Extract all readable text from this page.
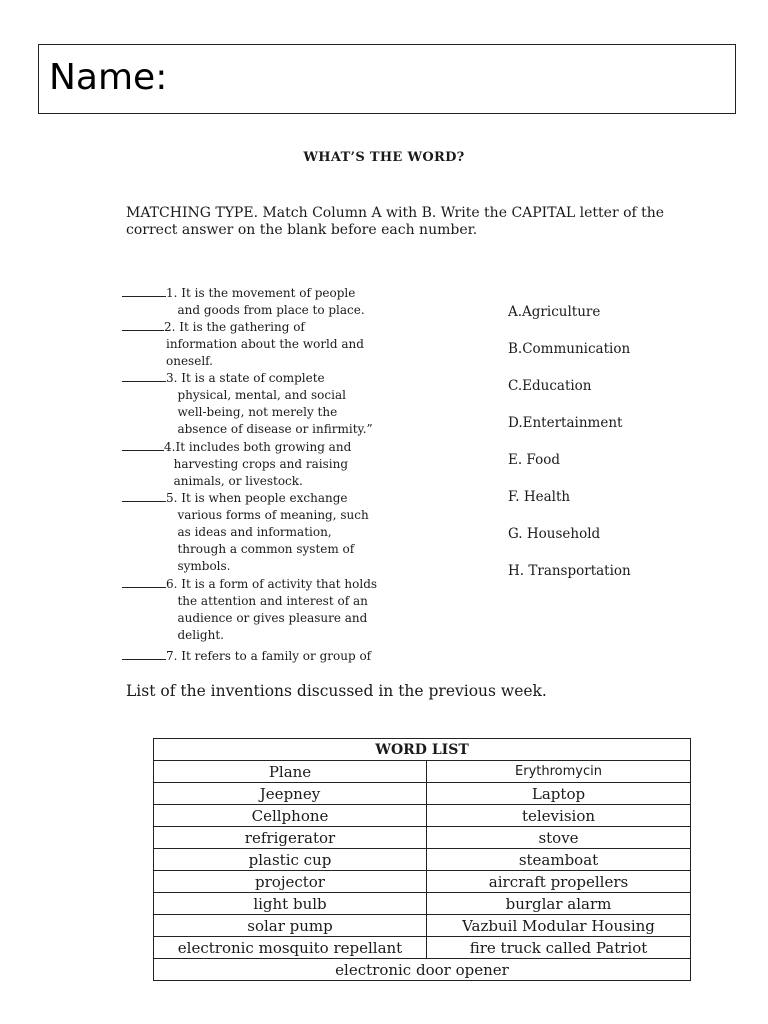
Name:
WHAT’S THE WORD?
MATCHING TYPE. Match Column A with B. Write the CAPITAL letter of the correct answer on the blank before each number.
1. It is the movement of people
and goods from place to place.
2. It is the gathering of
information about the world and
oneself.
3. It is a state of complete
physical, mental, and social
well-being, not merely the
absence of disease or infirmity.”
4.It includes both growing and
harvesting crops and raising
animals, or livestock.
5. It is when people exchange
various forms of meaning, such
as ideas and information,
through a common system of
symbols.
6. It is a form of activity that holds
the attention and interest of an
audience or gives pleasure and
delight.
7. It refers to a family or group of
A.Agriculture
B.Communication
C.Education
D.Entertainment
E. Food
F. Health
G. Household
H. Transportation
List of the inventions discussed in the previous week.
WORD LIST	
Plane	Erythromycin
Jeepney	Laptop
Cellphone	television
refrigerator	stove
plastic cup	steamboat
projector	aircraft propellers
light bulb	burglar alarm
solar pump	Vazbuil Modular Housing
electronic mosquito repellant	fire truck called Patriot
electronic door opener	
